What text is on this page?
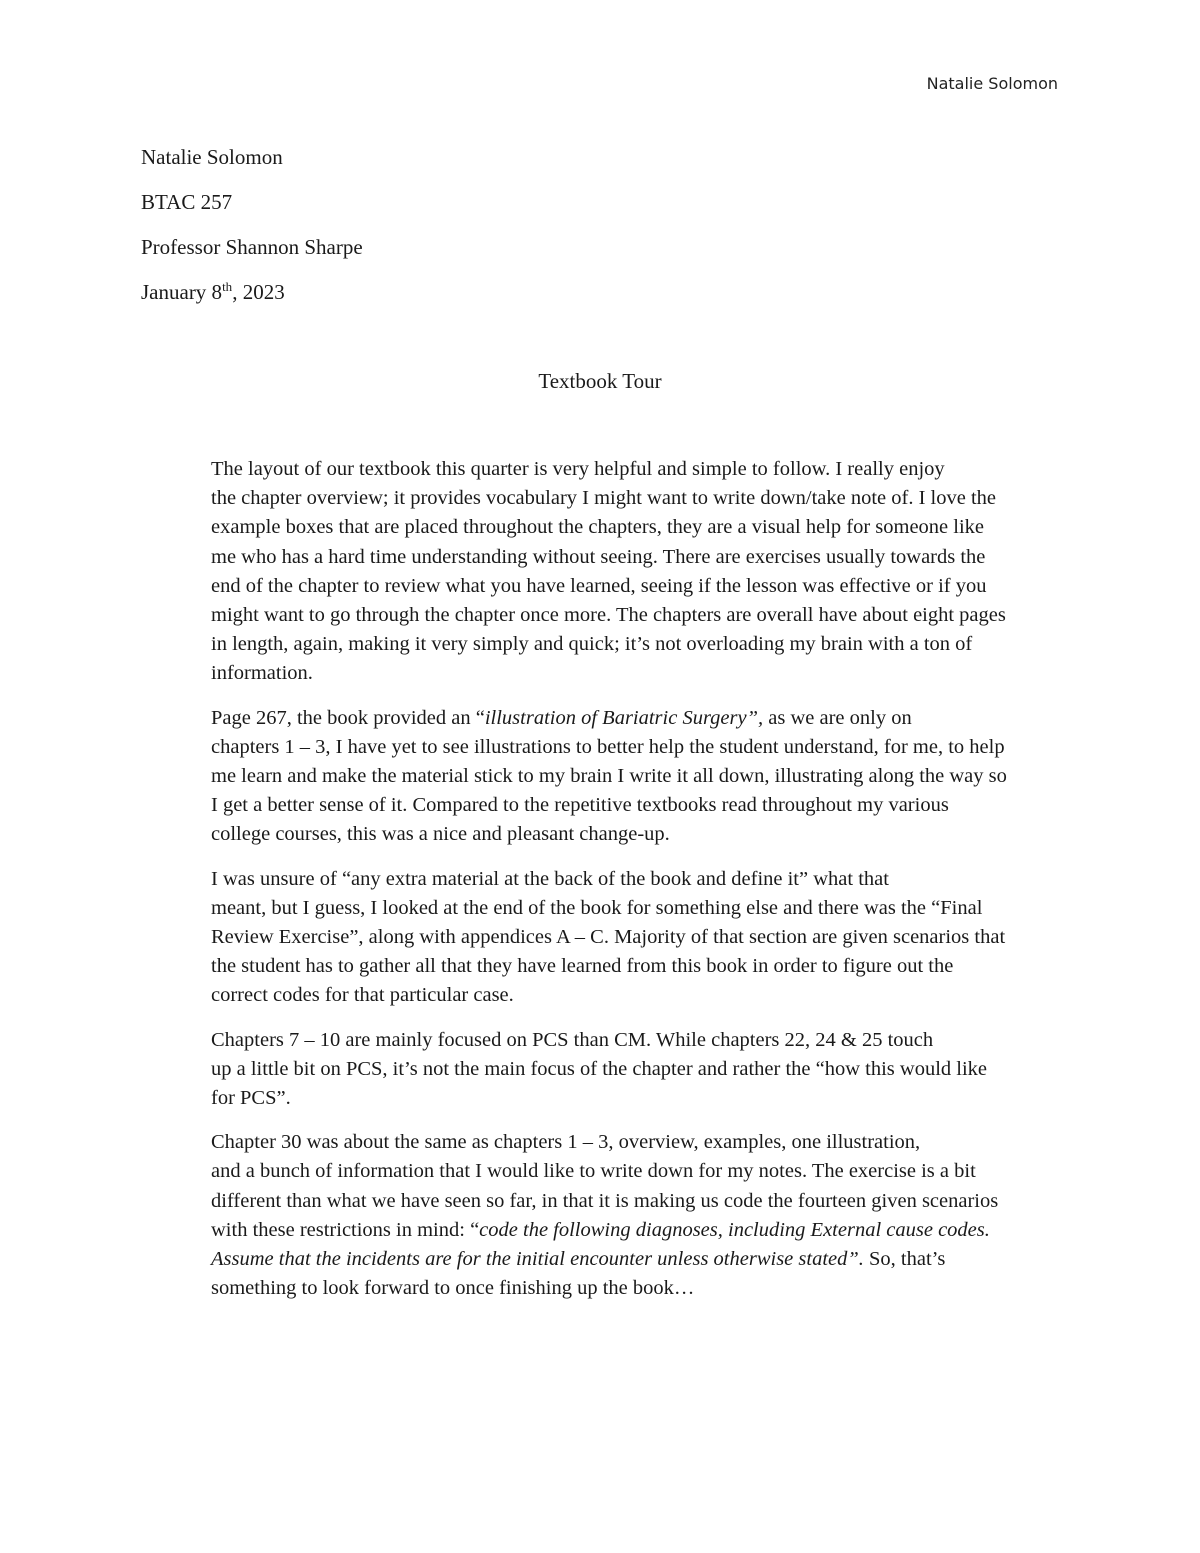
Natalie Solomon

Natalie Solomon

BTAC 257

Professor Shannon Sharpe

January 8th, 2023

Textbook Tour

The layout of our textbook this quarter is very helpful and simple to follow. I really enjoy
the chapter overview; it provides vocabulary I might want to write down/take note of. I love the
example boxes that are placed throughout the chapters, they are a visual help for someone like
me who has a hard time understanding without seeing. There are exercises usually towards the
end of the chapter to review what you have learned, seeing if the lesson was effective or if you
might want to go through the chapter once more. The chapters are overall have about eight pages
in length, again, making it very simply and quick; it’s not overloading my brain with a ton of
information.

Page 267, the book provided an “illustration of Bariatric Surgery”, as we are only on
chapters 1 – 3, I have yet to see illustrations to better help the student understand, for me, to help
me learn and make the material stick to my brain I write it all down, illustrating along the way so
I get a better sense of it. Compared to the repetitive textbooks read throughout my various
college courses, this was a nice and pleasant change-up.

I was unsure of “any extra material at the back of the book and define it” what that
meant, but I guess, I looked at the end of the book for something else and there was the “Final
Review Exercise”, along with appendices A – C. Majority of that section are given scenarios that
the student has to gather all that they have learned from this book in order to figure out the
correct codes for that particular case.

Chapters 7 – 10 are mainly focused on PCS than CM. While chapters 22, 24 & 25 touch
up a little bit on PCS, it’s not the main focus of the chapter and rather the “how this would like
for PCS”.

Chapter 30 was about the same as chapters 1 – 3, overview, examples, one illustration,
and a bunch of information that I would like to write down for my notes. The exercise is a bit
different than what we have seen so far, in that it is making us code the fourteen given scenarios
with these restrictions in mind: “code the following diagnoses, including External cause codes.
Assume that the incidents are for the initial encounter unless otherwise stated”. So, that’s
something to look forward to once finishing up the book…
